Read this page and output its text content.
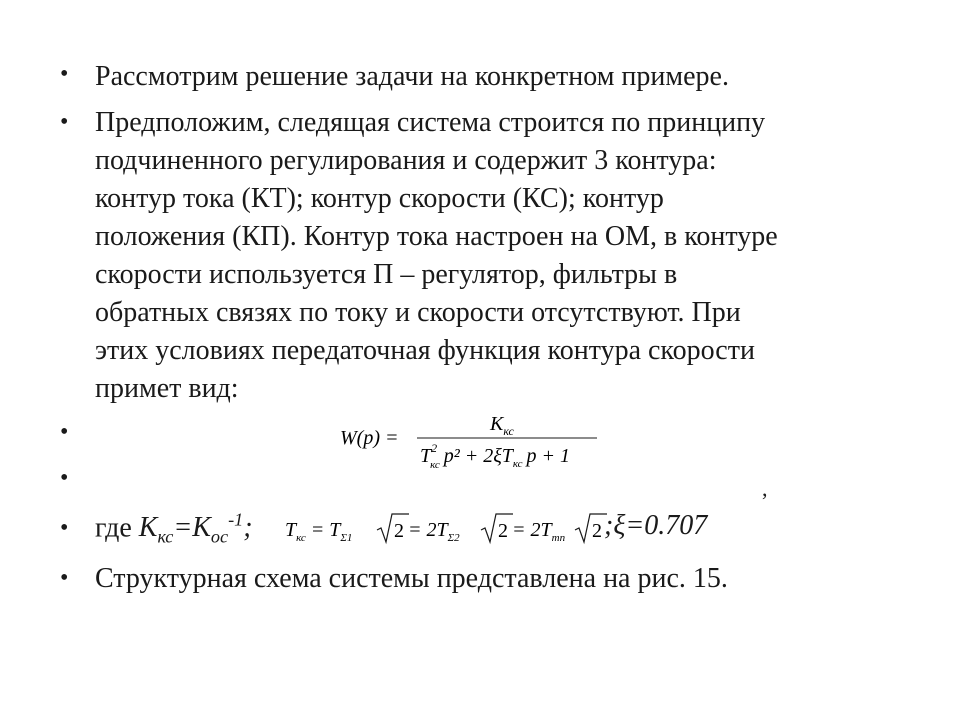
• Рассмотрим решение задачи на конкретном примере.
• Предположим, следящая система строится по принципу
подчиненного регулирования и содержит 3 контура:
контур тока (КТ); контур скорости (КС); контур
положения (КП). Контур тока настроен на ОМ, в контуре
скорости используется П – регулятор, фильтры в
обратных связях по току и скорости отсутствуют. При
этих условиях передаточная функция контура скорости
примет вид:
•	W(p) =
$K_{кс}$
$T^2$ кс $p^2 + 2\xi T_{кс}$ p + 1
•	,
• где $K_{кс}=K_{ос}^{-1}$; $T_{кс} = T_{\Sigma 1}$ $2 = 2T_{\Sigma 2}$ $2 = 2T_{mn}$ 2 ;ξ=0.707
• Структурная схема системы представлена на рис. 15.
